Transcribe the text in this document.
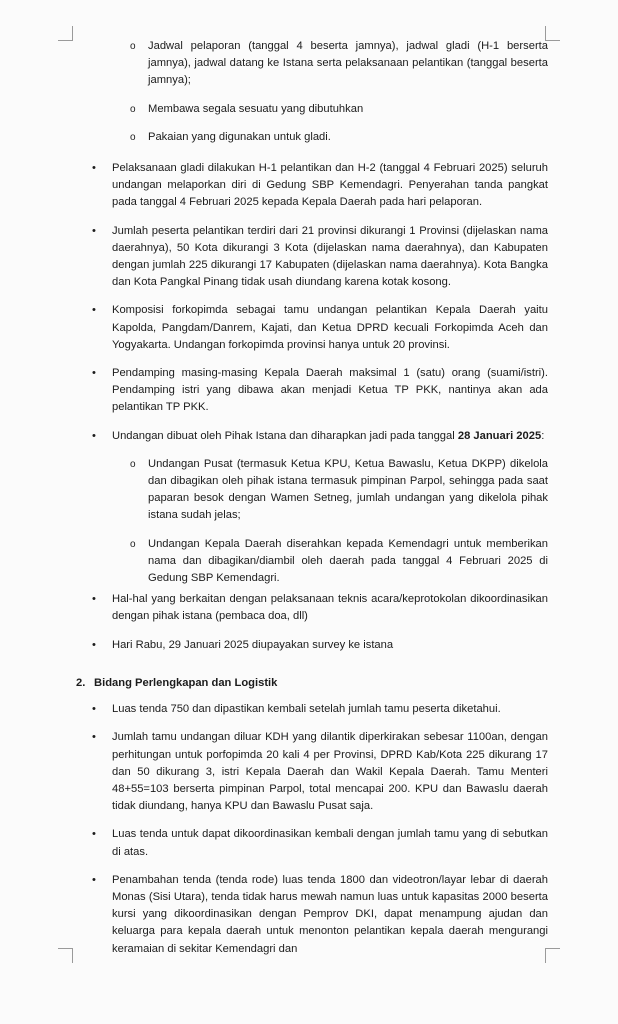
o Jadwal pelaporan (tanggal 4 beserta jamnya), jadwal gladi (H-1 berserta jamnya), jadwal datang ke Istana serta pelaksanaan pelantikan (tanggal beserta jamnya);

o Membawa segala sesuatu yang dibutuhkan

o Pakaian yang digunakan untuk gladi.

• Pelaksanaan gladi dilakukan H-1 pelantikan dan H-2 (tanggal 4 Februari 2025) seluruh undangan melaporkan diri di Gedung SBP Kemendagri. Penyerahan tanda pangkat pada tanggal 4 Februari 2025 kepada Kepala Daerah pada hari pelaporan.

• Jumlah peserta pelantikan terdiri dari 21 provinsi dikurangi 1 Provinsi (dijelaskan nama daerahnya), 50 Kota dikurangi 3 Kota (dijelaskan nama daerahnya), dan Kabupaten dengan jumlah 225 dikurangi 17 Kabupaten (dijelaskan nama daerahnya). Kota Bangka dan Kota Pangkal Pinang tidak usah diundang karena kotak kosong.

• Komposisi forkopimda sebagai tamu undangan pelantikan Kepala Daerah yaitu Kapolda, Pangdam/Danrem, Kajati, dan Ketua DPRD kecuali Forkopimda Aceh dan Yogyakarta. Undangan forkopimda provinsi hanya untuk 20 provinsi.

• Pendamping masing-masing Kepala Daerah maksimal 1 (satu) orang (suami/istri). Pendamping istri yang dibawa akan menjadi Ketua TP PKK, nantinya akan ada pelantikan TP PKK.

• Undangan dibuat oleh Pihak Istana dan diharapkan jadi pada tanggal 28 Januari 2025:

o Undangan Pusat (termasuk Ketua KPU, Ketua Bawaslu, Ketua DKPP) dikelola dan dibagikan oleh pihak istana termasuk pimpinan Parpol, sehingga pada saat paparan besok dengan Wamen Setneg, jumlah undangan yang dikelola pihak istana sudah jelas;

o Undangan Kepala Daerah diserahkan kepada Kemendagri untuk memberikan nama dan dibagikan/diambil oleh daerah pada tanggal 4 Februari 2025 di Gedung SBP Kemendagri.

• Hal-hal yang berkaitan dengan pelaksanaan teknis acara/keprotokolan dikoordinasikan dengan pihak istana (pembaca doa, dll)

• Hari Rabu, 29 Januari 2025 diupayakan survey ke istana

2. Bidang Perlengkapan dan Logistik

• Luas tenda 750 dan dipastikan kembali setelah jumlah tamu peserta diketahui.

• Jumlah tamu undangan diluar KDH yang dilantik diperkirakan sebesar 1100an, dengan perhitungan untuk porfopimda 20 kali 4 per Provinsi, DPRD Kab/Kota 225 dikurang 17 dan 50 dikurang 3, istri Kepala Daerah dan Wakil Kepala Daerah. Tamu Menteri 48+55=103 berserta pimpinan Parpol, total mencapai 200. KPU dan Bawaslu daerah tidak diundang, hanya KPU dan Bawaslu Pusat saja.

• Luas tenda untuk dapat dikoordinasikan kembali dengan jumlah tamu yang di sebutkan di atas.

• Penambahan tenda (tenda rode) luas tenda 1800 dan videotron/layar lebar di daerah Monas (Sisi Utara), tenda tidak harus mewah namun luas untuk kapasitas 2000 beserta kursi yang dikoordinasikan dengan Pemprov DKI, dapat menampung ajudan dan keluarga para kepala daerah untuk menonton pelantikan kepala daerah mengurangi keramaian di sekitar Kemendagri dan
